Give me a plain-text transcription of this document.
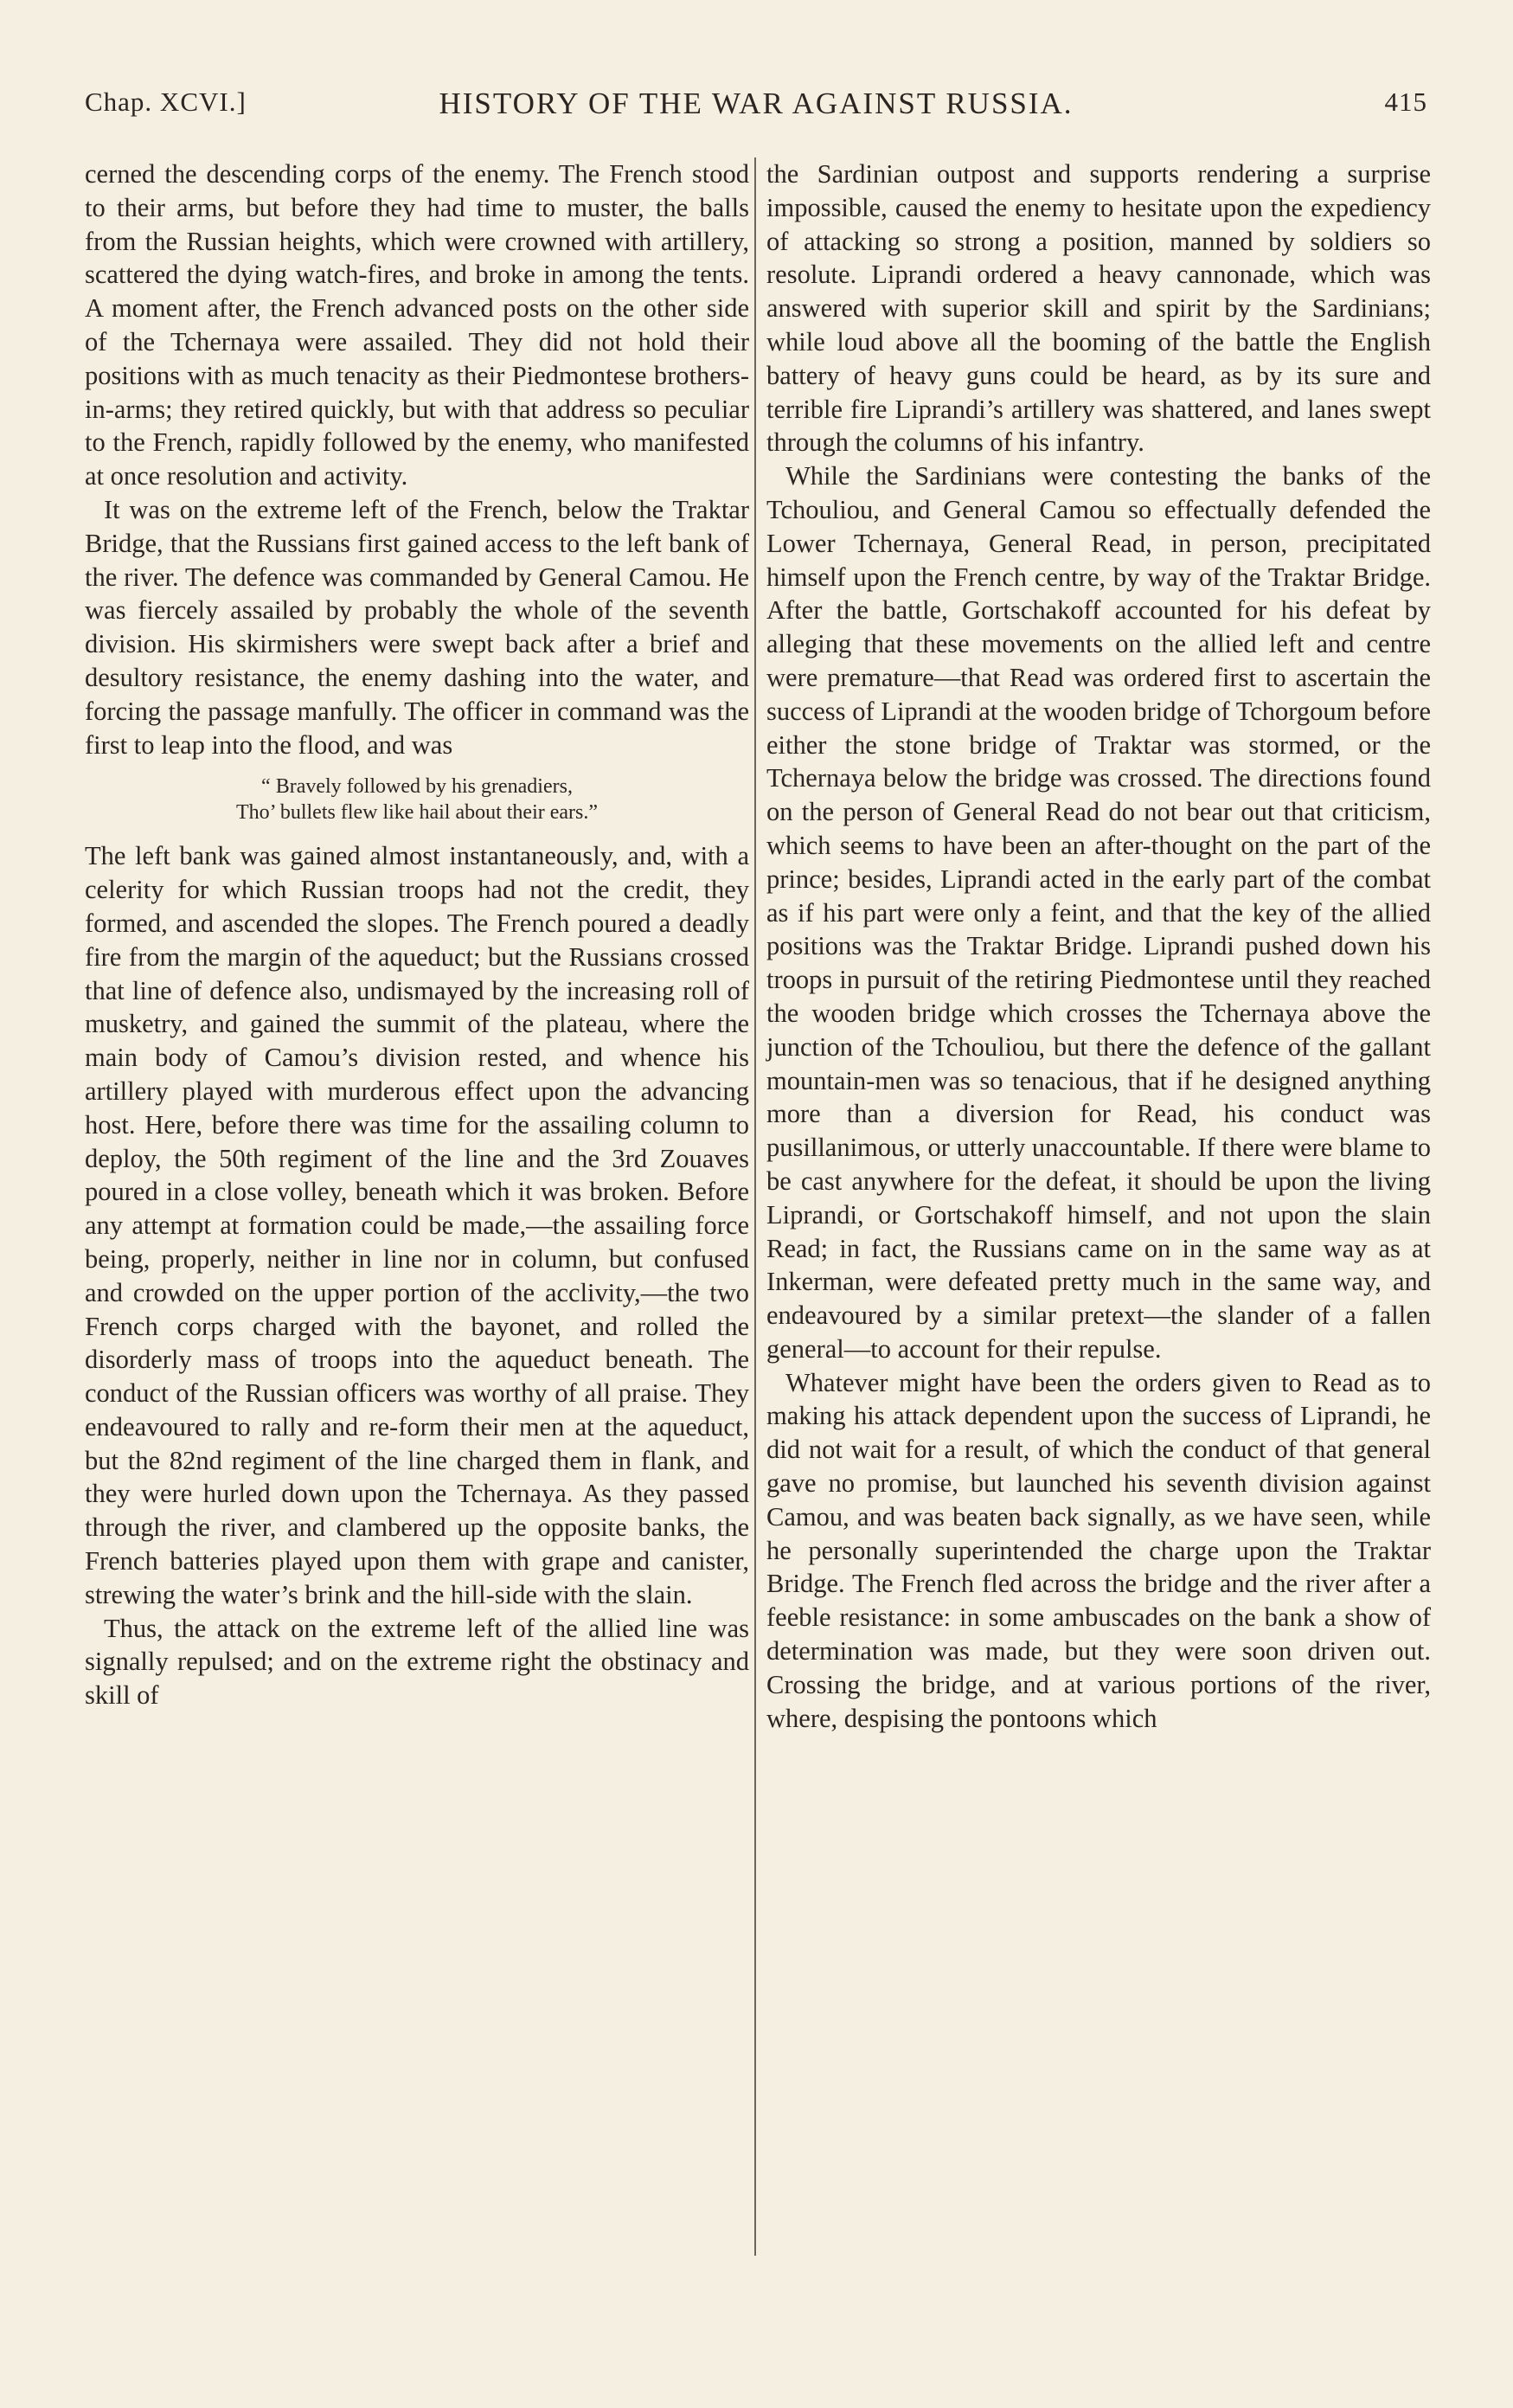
Chap. XCVI.]	HISTORY OF THE WAR AGAINST RUSSIA.	415

cerned the descending corps of the enemy. The French stood to their arms, but before they had time to muster, the balls from the Russian heights, which were crowned with artillery, scattered the dying watch-fires, and broke in among the tents. A moment after, the French advanced posts on the other side of the Tchernaya were assailed. They did not hold their positions with as much tenacity as their Piedmontese brothers-in-arms; they retired quickly, but with that address so peculiar to the French, rapidly followed by the enemy, who manifested at once resolution and activity.

It was on the extreme left of the French, below the Traktar Bridge, that the Russians first gained access to the left bank of the river. The defence was commanded by General Camou. He was fiercely assailed by probably the whole of the seventh division. His skirmishers were swept back after a brief and desultory resistance, the enemy dashing into the water, and forcing the passage manfully. The officer in command was the first to leap into the flood, and was

“ Bravely followed by his grenadiers,
Tho’ bullets flew like hail about their ears.”

The left bank was gained almost instantaneously, and, with a celerity for which Russian troops had not the credit, they formed, and ascended the slopes. The French poured a deadly fire from the margin of the aqueduct; but the Russians crossed that line of defence also, undismayed by the increasing roll of musketry, and gained the summit of the plateau, where the main body of Camou’s division rested, and whence his artillery played with murderous effect upon the advancing host. Here, before there was time for the assailing column to deploy, the 50th regiment of the line and the 3rd Zouaves poured in a close volley, beneath which it was broken. Before any attempt at formation could be made,—the assailing force being, properly, neither in line nor in column, but confused and crowded on the upper portion of the acclivity,—the two French corps charged with the bayonet, and rolled the disorderly mass of troops into the aqueduct beneath. The conduct of the Russian officers was worthy of all praise. They endeavoured to rally and re-form their men at the aqueduct, but the 82nd regiment of the line charged them in flank, and they were hurled down upon the Tchernaya. As they passed through the river, and clambered up the opposite banks, the French batteries played upon them with grape and canister, strewing the water’s brink and the hill-side with the slain.

Thus, the attack on the extreme left of the allied line was signally repulsed; and on the extreme right the obstinacy and skill of

the Sardinian outpost and supports rendering a surprise impossible, caused the enemy to hesitate upon the expediency of attacking so strong a position, manned by soldiers so resolute. Liprandi ordered a heavy cannonade, which was answered with superior skill and spirit by the Sardinians; while loud above all the booming of the battle the English battery of heavy guns could be heard, as by its sure and terrible fire Liprandi’s artillery was shattered, and lanes swept through the columns of his infantry.

While the Sardinians were contesting the banks of the Tchouliou, and General Camou so effectually defended the Lower Tchernaya, General Read, in person, precipitated himself upon the French centre, by way of the Traktar Bridge. After the battle, Gortschakoff accounted for his defeat by alleging that these movements on the allied left and centre were premature—that Read was ordered first to ascertain the success of Liprandi at the wooden bridge of Tchorgoum before either the stone bridge of Traktar was stormed, or the Tchernaya below the bridge was crossed. The directions found on the person of General Read do not bear out that criticism, which seems to have been an after-thought on the part of the prince; besides, Liprandi acted in the early part of the combat as if his part were only a feint, and that the key of the allied positions was the Traktar Bridge. Liprandi pushed down his troops in pursuit of the retiring Piedmontese until they reached the wooden bridge which crosses the Tchernaya above the junction of the Tchouliou, but there the defence of the gallant mountain-men was so tenacious, that if he designed anything more than a diversion for Read, his conduct was pusillanimous, or utterly unaccountable. If there were blame to be cast anywhere for the defeat, it should be upon the living Liprandi, or Gortschakoff himself, and not upon the slain Read; in fact, the Russians came on in the same way as at Inkerman, were defeated pretty much in the same way, and endeavoured by a similar pretext—the slander of a fallen general—to account for their repulse.

Whatever might have been the orders given to Read as to making his attack dependent upon the success of Liprandi, he did not wait for a result, of which the conduct of that general gave no promise, but launched his seventh division against Camou, and was beaten back signally, as we have seen, while he personally superintended the charge upon the Traktar Bridge. The French fled across the bridge and the river after a feeble resistance: in some ambuscades on the bank a show of determination was made, but they were soon driven out. Crossing the bridge, and at various portions of the river, where, despising the pontoons which
